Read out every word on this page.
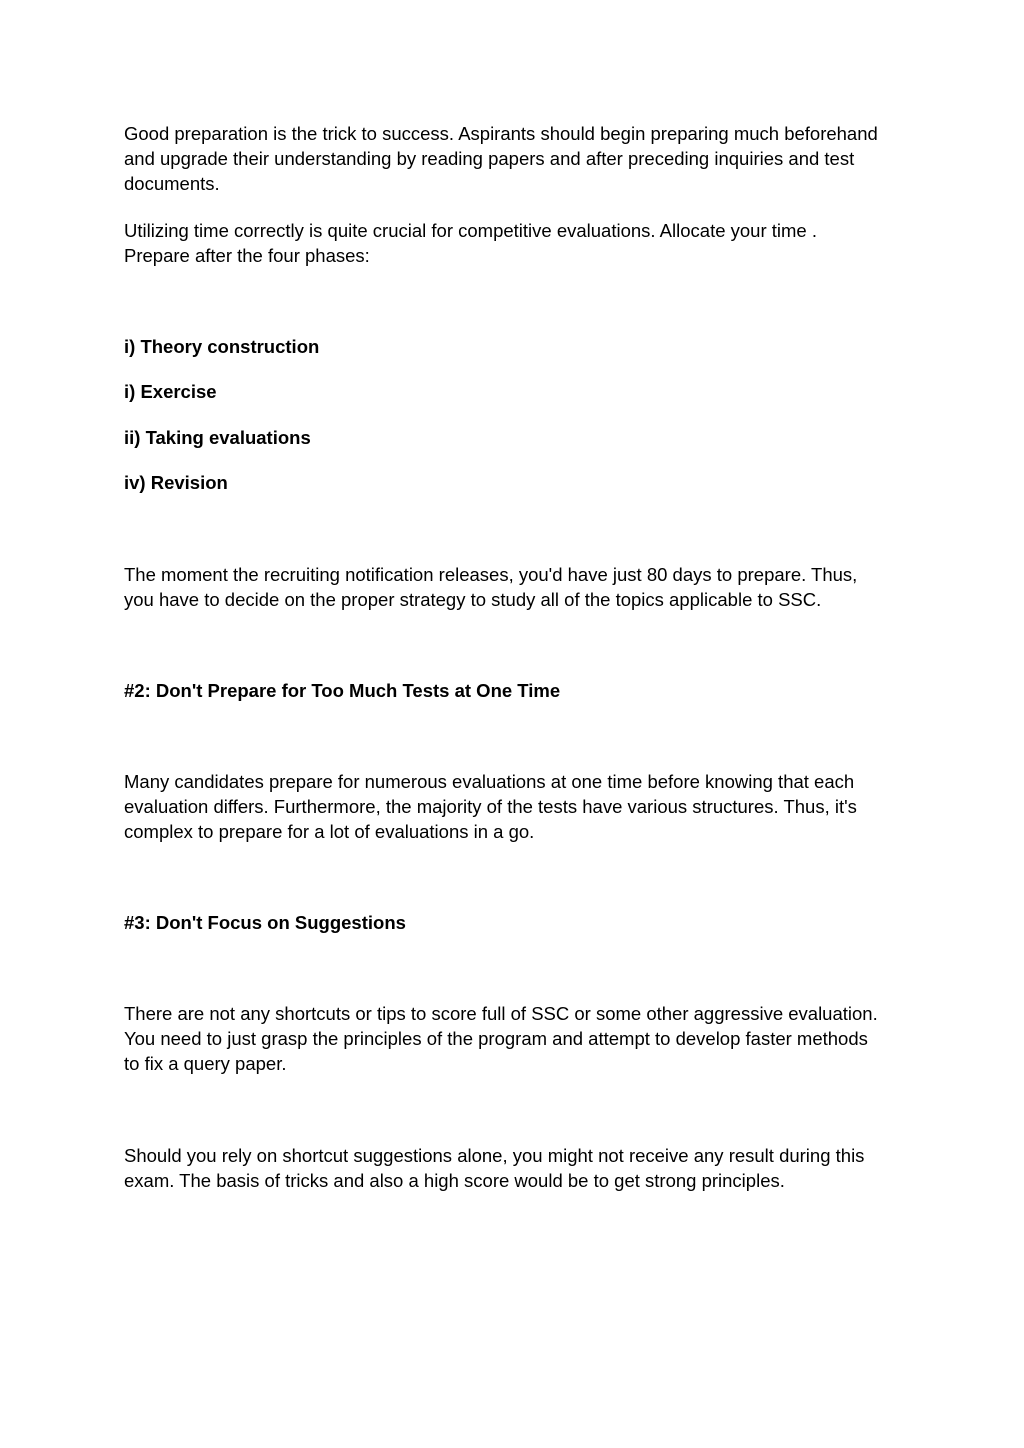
Good preparation is the trick to success. Aspirants should begin preparing much beforehand
and upgrade their understanding by reading papers and after preceding inquiries and test
documents.

Utilizing time correctly is quite crucial for competitive evaluations. Allocate your time .
Prepare after the four phases:

i) Theory construction

i) Exercise

ii) Taking evaluations

iv) Revision

The moment the recruiting notification releases, you'd have just 80 days to prepare. Thus,
you have to decide on the proper strategy to study all of the topics applicable to SSC.

#2: Don't Prepare for Too Much Tests at One Time

Many candidates prepare for numerous evaluations at one time before knowing that each
evaluation differs. Furthermore, the majority of the tests have various structures. Thus, it's
complex to prepare for a lot of evaluations in a go.

#3: Don't Focus on Suggestions

There are not any shortcuts or tips to score full of SSC or some other aggressive evaluation.
You need to just grasp the principles of the program and attempt to develop faster methods
to fix a query paper.

Should you rely on shortcut suggestions alone, you might not receive any result during this
exam. The basis of tricks and also a high score would be to get strong principles.
